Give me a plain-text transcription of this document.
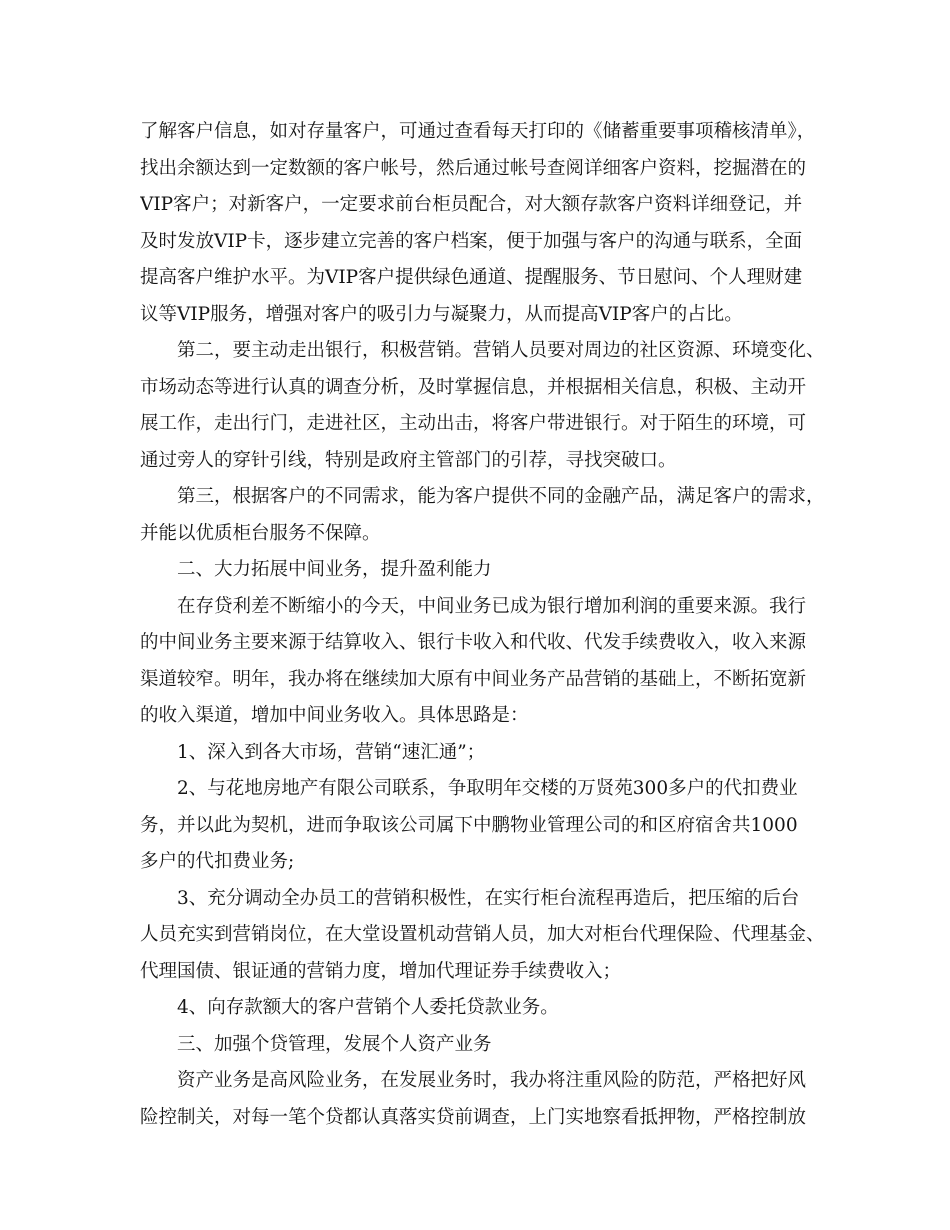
了解客户信息，如对存量客户，可通过查看每天打印的《储蓄重要事项稽核清单》，
找出余额达到一定数额的客户帐号，然后通过帐号查阅详细客户资料，挖掘潜在的
VIP客户；对新客户，一定要求前台柜员配合，对大额存款客户资料详细登记，并
及时发放VIP卡，逐步建立完善的客户档案，便于加强与客户的沟通与联系，全面
提高客户维护水平。为VIP客户提供绿色通道、提醒服务、节日慰问、个人理财建
议等VIP服务，增强对客户的吸引力与凝聚力，从而提高VIP客户的占比。
第二，要主动走出银行，积极营销。营销人员要对周边的社区资源、环境变化、
市场动态等进行认真的调查分析，及时掌握信息，并根据相关信息，积极、主动开
展工作，走出行门，走进社区，主动出击，将客户带进银行。对于陌生的环境，可
通过旁人的穿针引线，特别是政府主管部门的引荐，寻找突破口。
第三，根据客户的不同需求，能为客户提供不同的金融产品，满足客户的需求，
并能以优质柜台服务不保障。
二、大力拓展中间业务，提升盈利能力
在存贷利差不断缩小的今天，中间业务已成为银行增加利润的重要来源。我行
的中间业务主要来源于结算收入、银行卡收入和代收、代发手续费收入，收入来源
渠道较窄。明年，我办将在继续加大原有中间业务产品营销的基础上，不断拓宽新
的收入渠道，增加中间业务收入。具体思路是：
1、深入到各大市场，营销“速汇通”；
2、与花地房地产有限公司联系，争取明年交楼的万贤苑300多户的代扣费业
务，并以此为契机，进而争取该公司属下中鹏物业管理公司的和区府宿舍共1000
多户的代扣费业务;
3、充分调动全办员工的营销积极性，在实行柜台流程再造后，把压缩的后台
人员充实到营销岗位，在大堂设置机动营销人员，加大对柜台代理保险、代理基金、
代理国债、银证通的营销力度，增加代理证券手续费收入；
4、向存款额大的客户营销个人委托贷款业务。
三、加强个贷管理，发展个人资产业务
资产业务是高风险业务，在发展业务时，我办将注重风险的防范，严格把好风
险控制关，对每一笔个贷都认真落实贷前调查，上门实地察看抵押物，严格控制放
